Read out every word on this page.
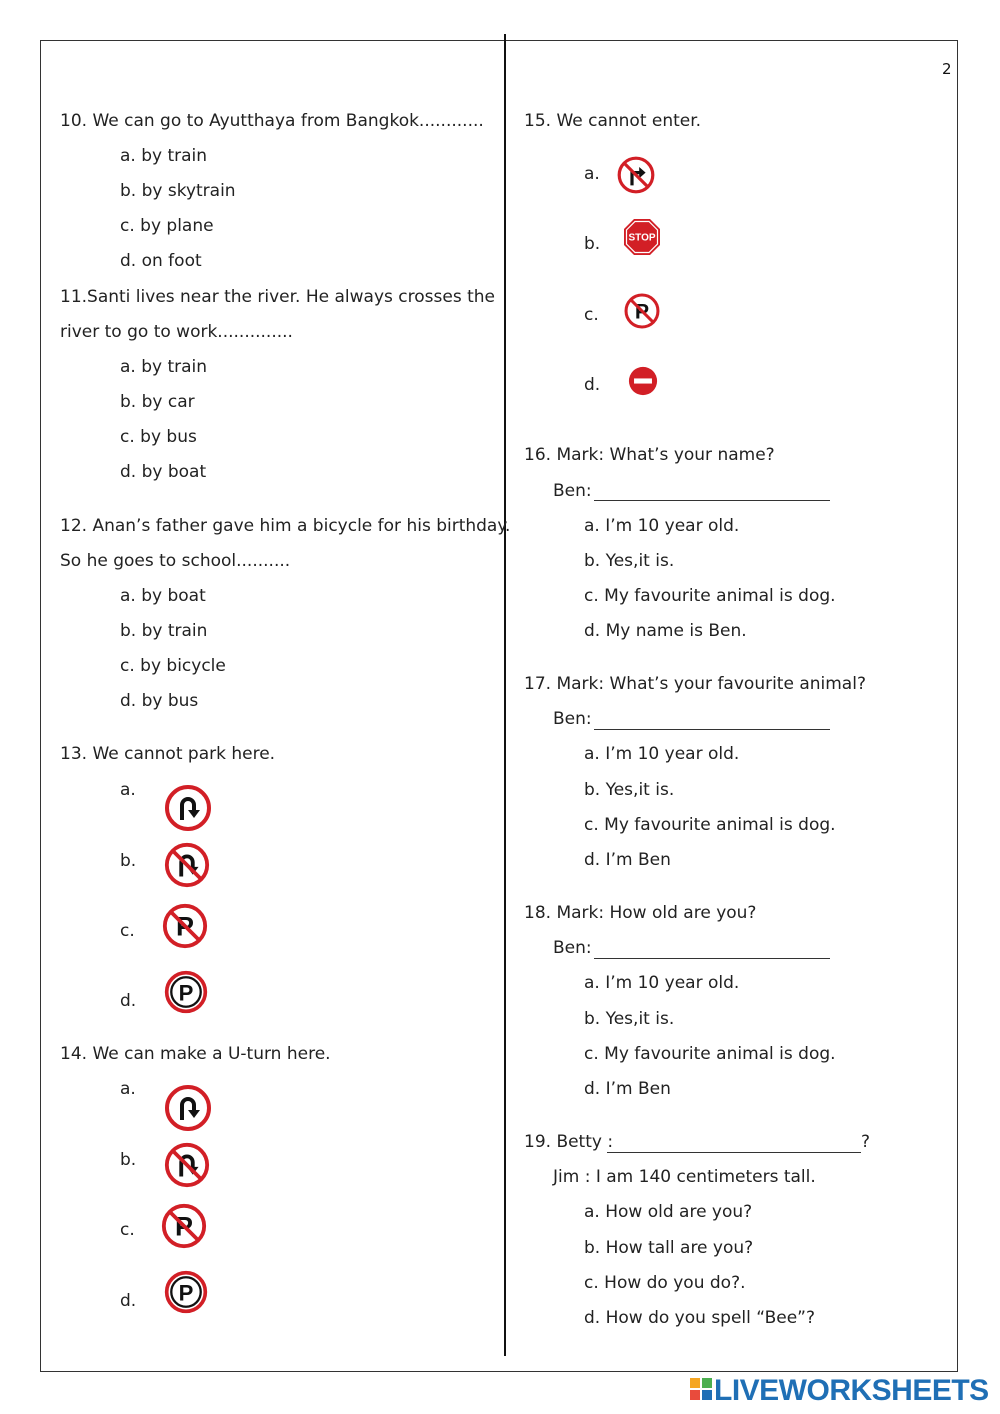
2
10. We can go to Ayutthaya from Bangkok............
a. by train
b. by skytrain
c. by plane
d. on foot
11.Santi lives near the river. He always crosses the
river to go to work..............
a. by train
b. by car
c. by bus
d. by boat
12. Anan’s father gave him a bicycle for his birthday.
So he goes to school..........
a. by boat
b. by train
c. by bicycle
d. by bus
13. We cannot park here.
a.
b.
c.
d.
14. We can make a U-turn here.
a.
b.
c.
d.
15. We cannot enter.
a.
b.	STOP
c.
d.
16. Mark: What’s your name?
Ben:
a. I’m 10 year old.
b. Yes,it is.
c. My favourite animal is dog.
d. My name is Ben.
17. Mark: What’s your favourite animal?
Ben:
a. I’m 10 year old.
b. Yes,it is.
c. My favourite animal is dog.
d. I’m Ben
18. Mark: How old are you?
Ben:
a. I’m 10 year old.
b. Yes,it is.
c. My favourite animal is dog.
d. I’m Ben
19. Betty :	?
Jim : I am 140 centimeters tall.
a. How old are you?
b. How tall are you?
c. How do you do?.
d. How do you spell “Bee”?
LIVEWORKSHEETS
